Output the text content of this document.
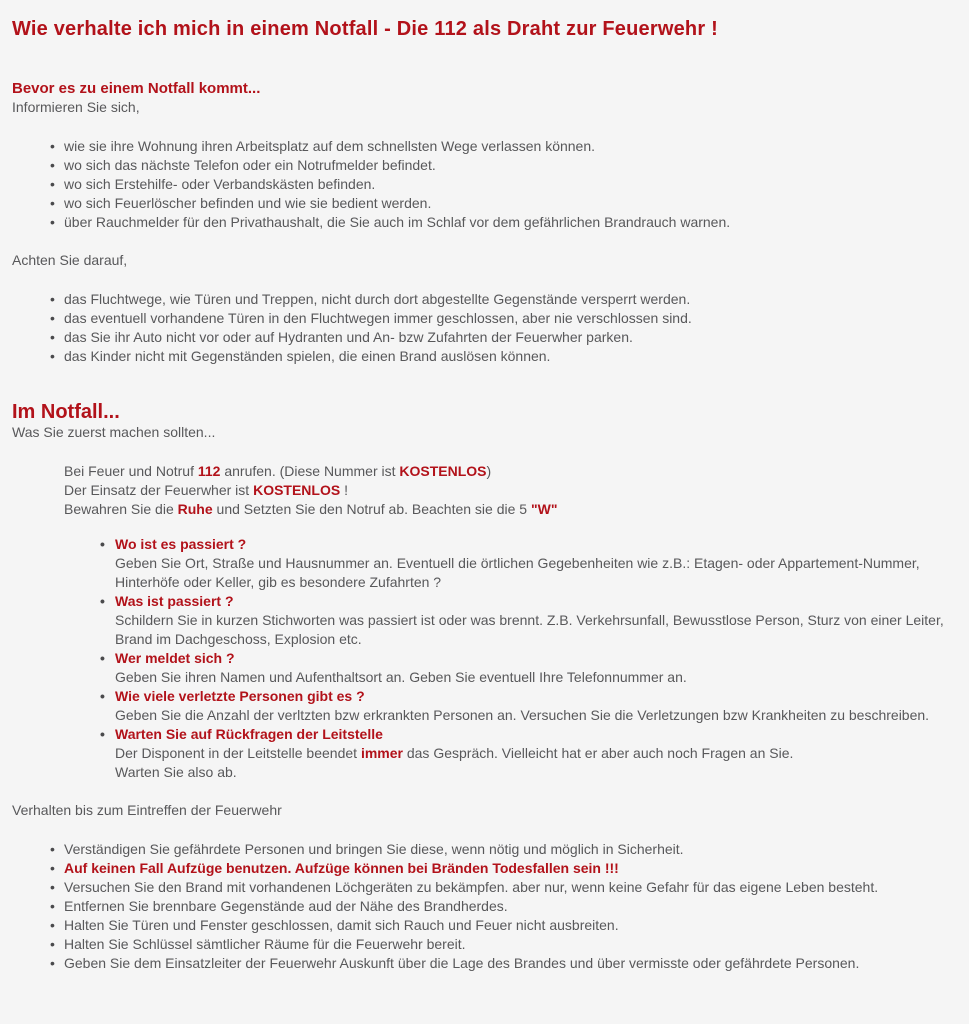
Wie verhalte ich mich in einem Notfall - Die 112 als Draht zur Feuerwehr !
Bevor es zu einem Notfall kommt...

Informieren Sie sich,

• wie sie ihre Wohnung ihren Arbeitsplatz auf dem schnellsten Wege verlassen können.
• wo sich das nächste Telefon oder ein Notrufmelder befindet.
• wo sich Erstehilfe- oder Verbandskästen befinden.
• wo sich Feuerlöscher befinden und wie sie bedient werden.
• über Rauchmelder für den Privathaushalt, die Sie auch im Schlaf vor dem gefährlichen Brandrauch warnen.

Achten Sie darauf,

• das Fluchtwege, wie Türen und Treppen, nicht durch dort abgestellte Gegenstände versperrt werden.
• das eventuell vorhandene Türen in den Fluchtwegen immer geschlossen, aber nie verschlossen sind.
• das Sie ihr Auto nicht vor oder auf Hydranten und An- bzw Zufahrten der Feuerwher parken.
• das Kinder nicht mit Gegenständen spielen, die einen Brand auslösen können.
Im Notfall...

Was Sie zuerst machen sollten...

Bei Feuer und Notruf 112 anrufen. (Diese Nummer ist KOSTENLOS)

Der Einsatz der Feuerwher ist KOSTENLOS !

Bewahren Sie die Ruhe und Setzten Sie den Notruf ab. Beachten sie die 5 "W"

• Wo ist es passiert ?
Geben Sie Ort, Straße und Hausnummer an. Eventuell die örtlichen Gegebenheiten wie z.B.: Etagen- oder Appartement-Nummer, Hinterhöfe oder Keller, gib es besondere Zufahrten ?
• Was ist passiert ?
Schildern Sie in kurzen Stichworten was passiert ist oder was brennt. Z.B. Verkehrsunfall, Bewusstlose Person, Sturz von einer Leiter, Brand im Dachgeschoss, Explosion etc.
• Wer meldet sich ?
Geben Sie ihren Namen und Aufenthaltsort an. Geben Sie eventuell Ihre Telefonnummer an.
• Wie viele verletzte Personen gibt es ?
Geben Sie die Anzahl der verltzten bzw erkrankten Personen an. Versuchen Sie die Verletzungen bzw Krankheiten zu beschreiben.
• Warten Sie auf Rückfragen der Leitstelle
Der Disponent in der Leitstelle beendet immer das Gespräch. Vielleicht hat er aber auch noch Fragen an Sie.
Warten Sie also ab.

Verhalten bis zum Eintreffen der Feuerwehr

• Verständigen Sie gefährdete Personen und bringen Sie diese, wenn nötig und möglich in Sicherheit.
• Auf keinen Fall Aufzüge benutzen. Aufzüge können bei Bränden Todesfallen sein !!!
• Versuchen Sie den Brand mit vorhandenen Löchgeräten zu bekämpfen. aber nur, wenn keine Gefahr für das eigene Leben besteht.
• Entfernen Sie brennbare Gegenstände aud der Nähe des Brandherdes.
• Halten Sie Türen und Fenster geschlossen, damit sich Rauch und Feuer nicht ausbreiten.
• Halten Sie Schlüssel sämtlicher Räume für die Feuerwehr bereit.
• Geben Sie dem Einsatzleiter der Feuerwehr Auskunft über die Lage des Brandes und über vermisste oder gefährdete Personen.
